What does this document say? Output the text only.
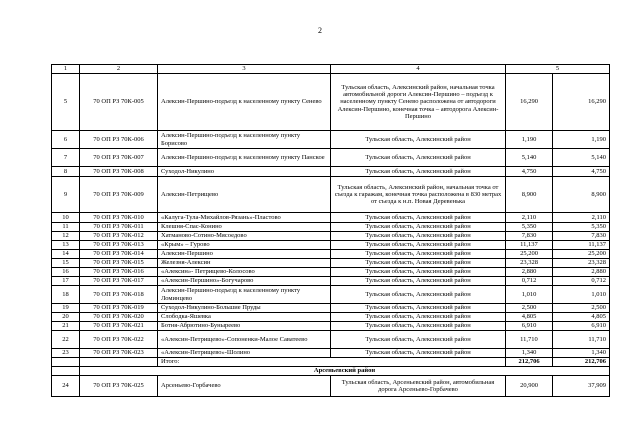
2
1	2	3	4	5	
5	70 ОП РЗ 70К-005	Алексин-Першино-подъезд к населенному пункту Сенево	Тульская область, Алексинский район, начальная точка автомобильной дороги Алексин-Першино – подъезд к населенному пункту Сенево расположена от автодороги Алексин-Першино, конечная точка – автодорога Алексин-Першино	16,290	16,290
6	70 ОП РЗ 70К-006	Алексин-Першино-подъезд к населенному пункту Борисово	Тульская область, Алексинский район	1,190	1,190
7	70 ОП РЗ 70К-007	Алексин-Першино-подъезд к населенному пункту Панское	Тульская область, Алексинский район	5,140	5,140
8	70 ОП РЗ 70К-008	Суходол-Никулино	Тульская область, Алексинский район	4,750	4,750
9	70 ОП РЗ 70К-009	Алексин-Петрищево	Тульская область, Алексинский район, начальная точка от съезда к гаражам, конечная точка расположена в 830 метрах от съезда к н.п. Новая Деревенька	8,900	8,900
10	70 ОП РЗ 70К-010	«Калуга-Тула-Михайлов-Рязань»-Пластово	Тульская область, Алексинский район	2,110	2,110
11	70 ОП РЗ 70К-011	Клешня-Спас-Конино	Тульская область, Алексинский район	5,350	5,350
12	70 ОП РЗ 70К-012	Хатманово-Сотино-Мясоедово	Тульская область, Алексинский район	7,830	7,830
13	70 ОП РЗ 70К-013	«Крым» – Гурово	Тульская область, Алексинский район	11,137	11,137
14	70 ОП РЗ 70К-014	Алексин-Першино	Тульская область, Алексинский район	25,200	25,200
15	70 ОП РЗ 70К-015	Железня-Алексин	Тульская область, Алексинский район	23,328	23,328
16	70 ОП РЗ 70К-016	«Алексин»- Петрищево-Колосово	Тульская область, Алексинский район	2,880	2,880
17	70 ОП РЗ 70К-017	«Алексин-Першино»-Богучарово	Тульская область, Алексинский район	0,712	0,712
18	70 ОП РЗ 70К-018	Алексин-Першино-подъезд к населенному пункту Ломинцево	Тульская область, Алексинский район	1,010	1,010
19	70 ОП РЗ 70К-019	Суходол-Никулино-Большие Пруды	Тульская область, Алексинский район	2,500	2,500
20	70 ОП РЗ 70К-020	Слободка-Яшевка	Тульская область, Алексинский район	4,805	4,805
21	70 ОП РЗ 70К-021	Ботня-Абрютино-Буныреево	Тульская область, Алексинский район	6,910	6,910
22	70 ОП РЗ 70К-022	«Алексин-Петрищево»-Сопоненки-Малое Саватеево	Тульская область, Алексинский район	11,710	11,710
23	70 ОП РЗ 70К-023	«Алексин-Петрищево»-Шолино	Тульская область, Алексинский район	1,340	1,340
		Итого:		212,706	212,706
	Арсеньевский район				
24	70 ОП РЗ 70К-025	Арсеньево-Горбачево	Тульская область, Арсеньевский район, автомобильная дорога Арсеньево-Горбачево	20,900	37,909
